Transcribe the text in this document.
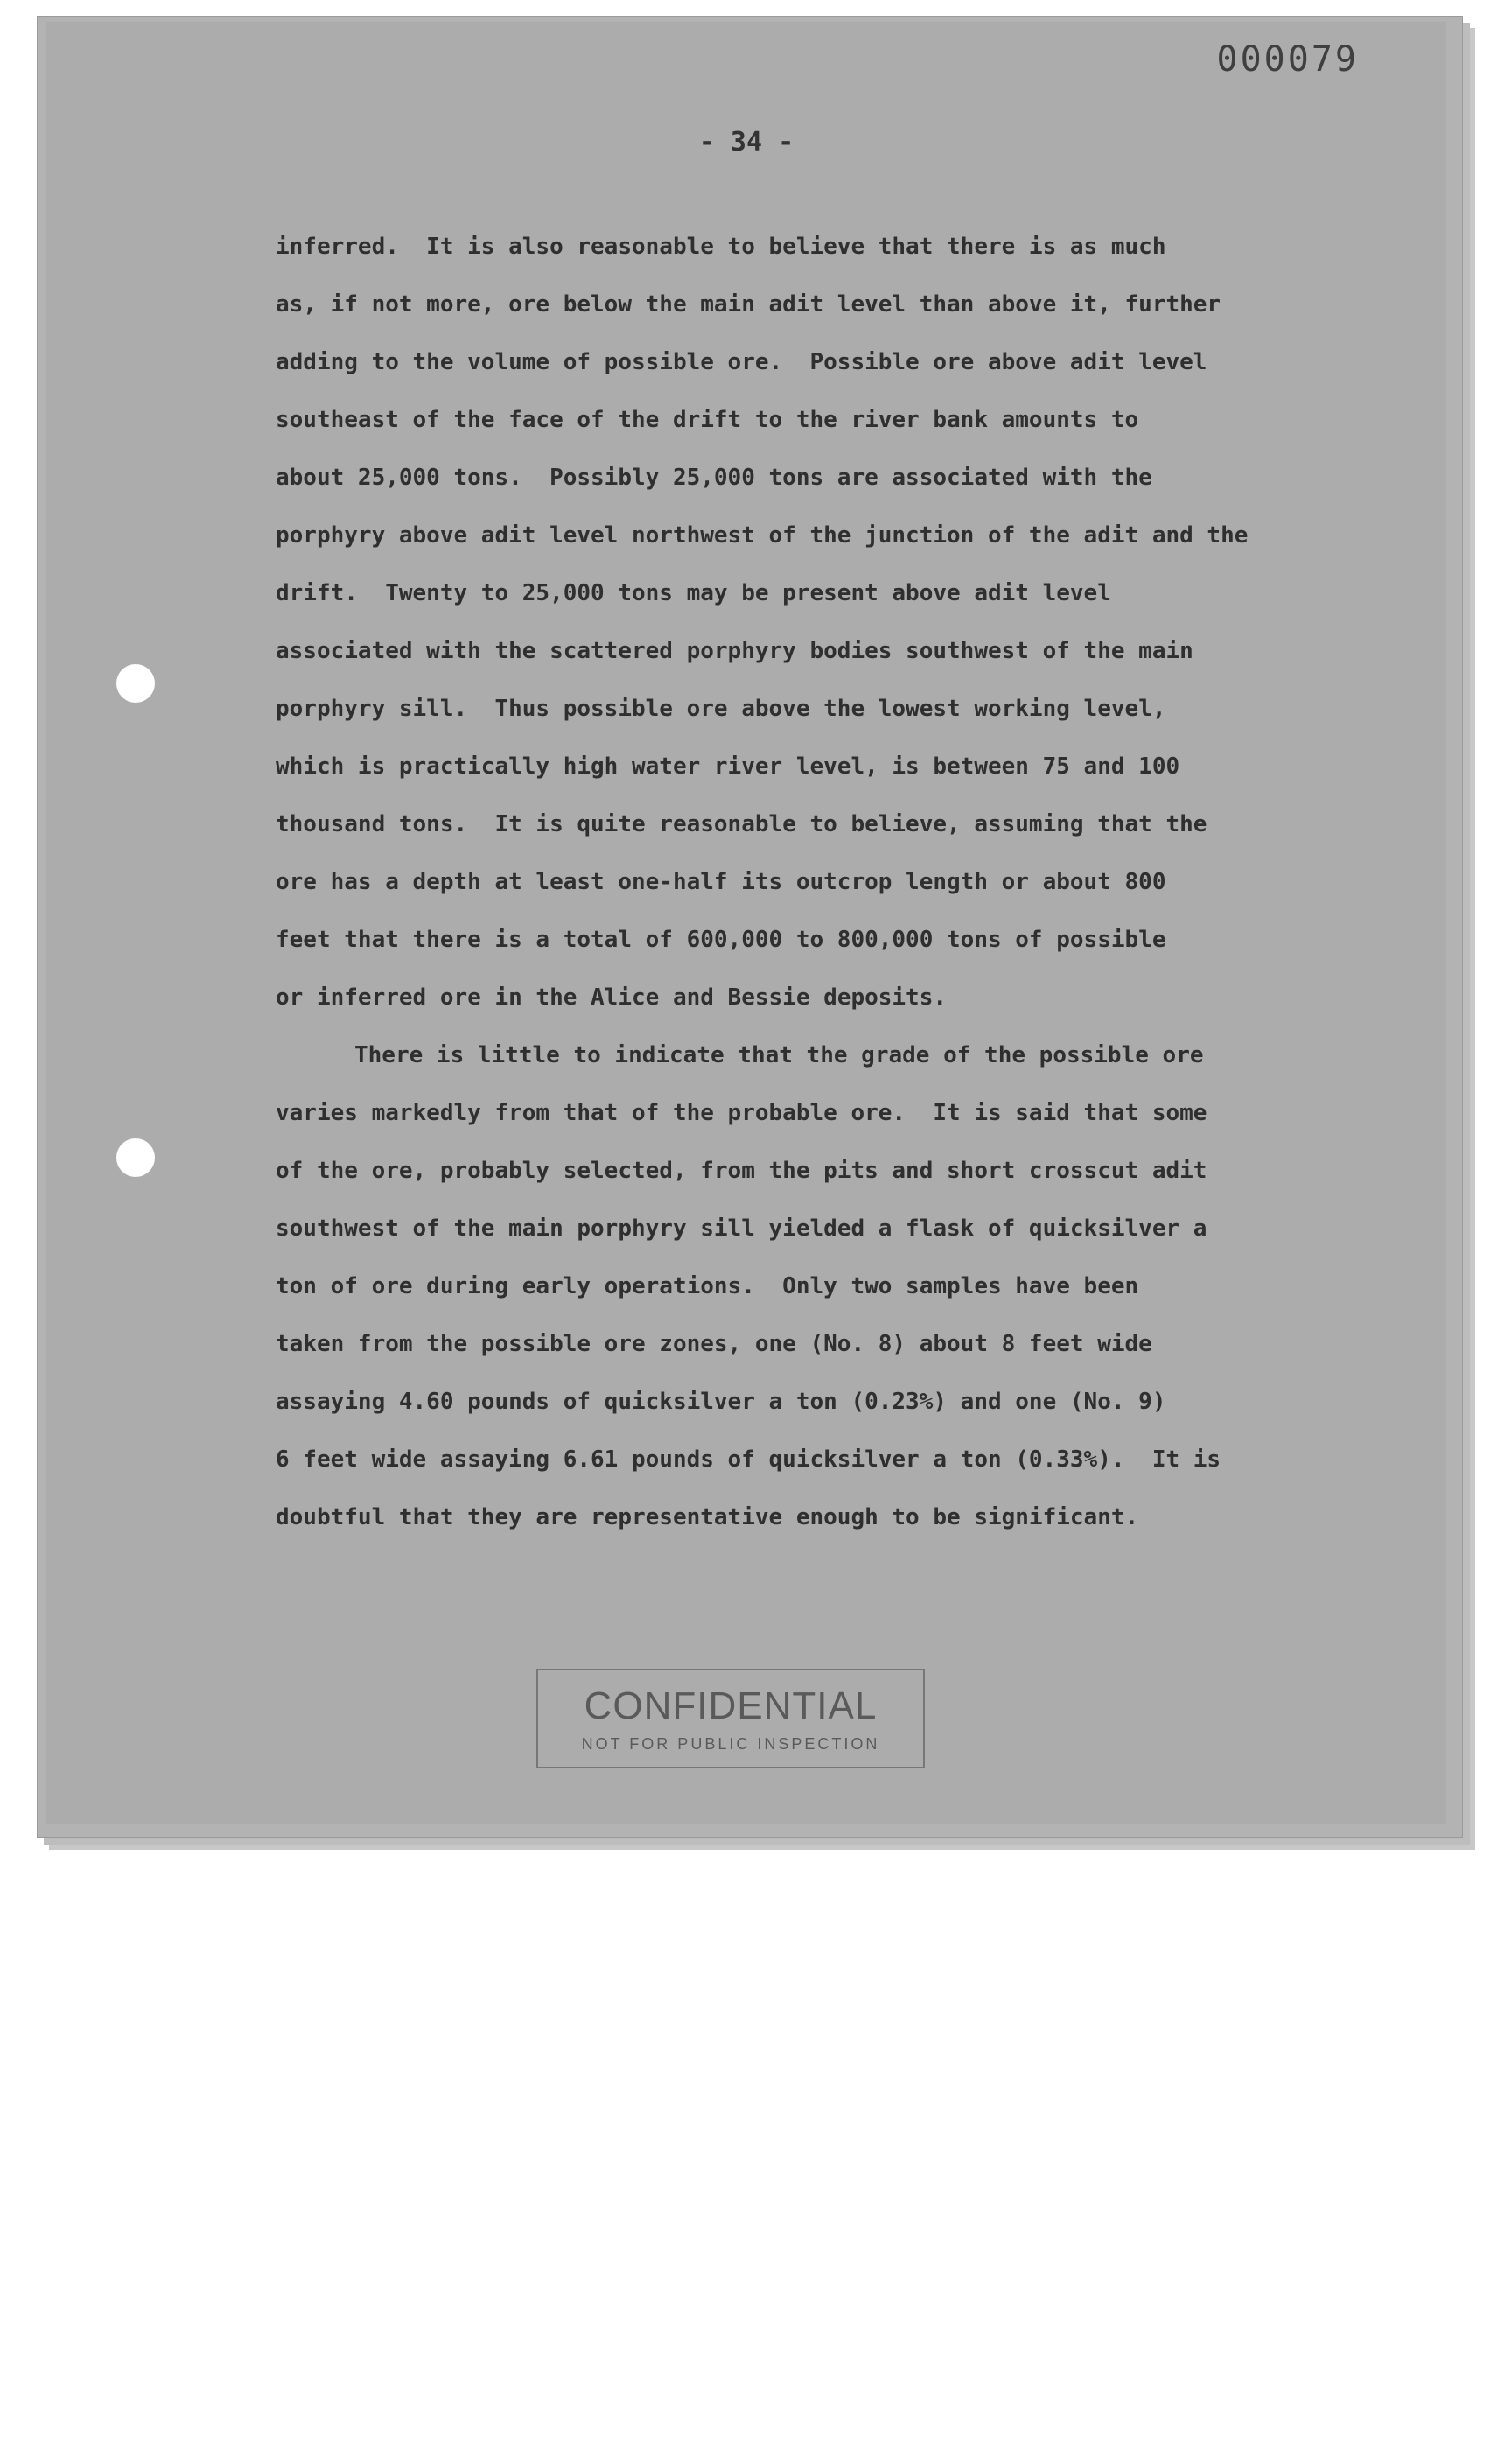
000079
- 34 -
inferred.  It is also reasonable to believe that there is as much
as, if not more, ore below the main adit level than above it, further
adding to the volume of possible ore.  Possible ore above adit level
southeast of the face of the drift to the river bank amounts to
about 25,000 tons.  Possibly 25,000 tons are associated with the
porphyry above adit level northwest of the junction of the adit and the
drift.  Twenty to 25,000 tons may be present above adit level
associated with the scattered porphyry bodies southwest of the main
porphyry sill.  Thus possible ore above the lowest working level,
which is practically high water river level, is between 75 and 100
thousand tons.  It is quite reasonable to believe, assuming that the
ore has a depth at least one-half its outcrop length or about 800
feet that there is a total of 600,000 to 800,000 tons of possible
or inferred ore in the Alice and Bessie deposits.
There is little to indicate that the grade of the possible ore
varies markedly from that of the probable ore.  It is said that some
of the ore, probably selected, from the pits and short crosscut adit
southwest of the main porphyry sill yielded a flask of quicksilver a
ton of ore during early operations.  Only two samples have been
taken from the possible ore zones, one (No. 8) about 8 feet wide
assaying 4.60 pounds of quicksilver a ton (0.23%) and one (No. 9)
6 feet wide assaying 6.61 pounds of quicksilver a ton (0.33%).  It is
doubtful that they are representative enough to be significant.
CONFIDENTIAL
NOT FOR PUBLIC INSPECTION
